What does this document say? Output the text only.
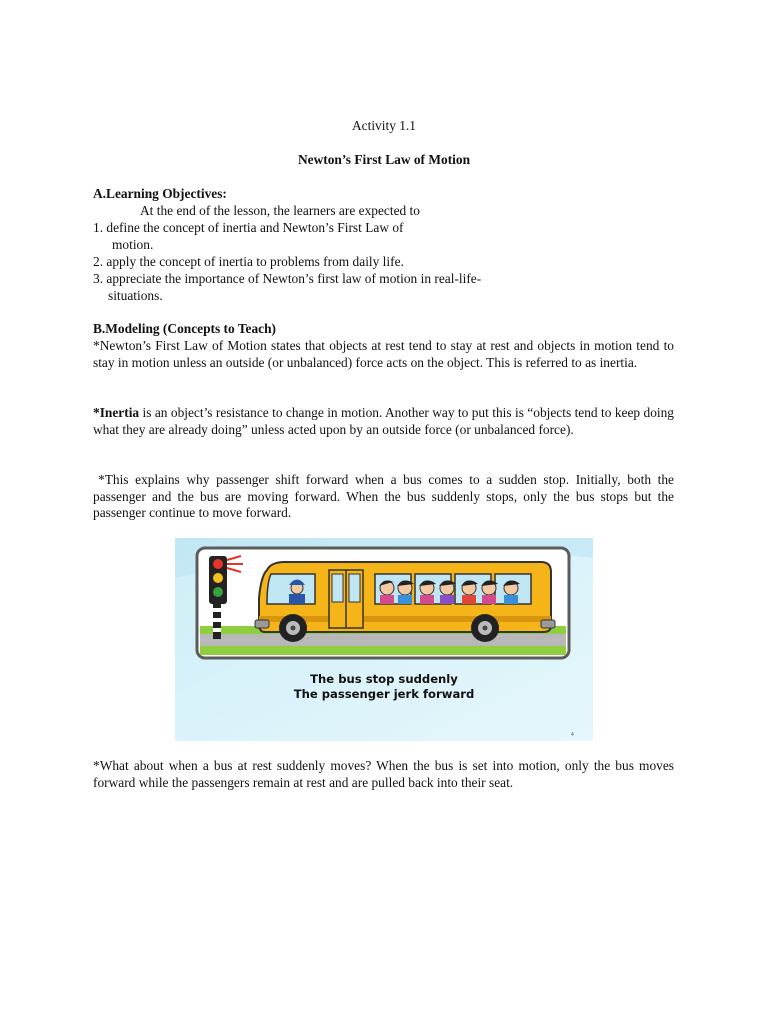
Activity 1.1
Newton’s First Law of Motion
A.Learning Objectives:
At the end of the lesson, the learners are expected to
1. define the concept of inertia and Newton’s First Law of
motion.
2. apply the concept of inertia to problems from daily life.
3. appreciate the importance of Newton’s first law of motion in real-life-
situations.
B.Modeling (Concepts to Teach)
*Newton’s First Law of Motion states that objects at rest tend to stay at rest and objects in motion tend to stay in motion unless an outside (or unbalanced) force acts on the object. This is referred to as inertia.
*Inertia is an object’s resistance to change in motion. Another way to put this is “objects tend to keep doing what they are already doing” unless acted upon by an outside force (or unbalanced force).
*This explains why passenger shift forward when a bus comes to a sudden stop. Initially, both the passenger and the bus are moving forward. When the bus suddenly stops, only the bus stops but the passenger continue to move forward.
The bus stop suddenly
The passenger jerk forward
4
*What about when a bus at rest suddenly moves? When the bus is set into motion, only the bus moves forward while the passengers remain at rest and are pulled back into their seat.
